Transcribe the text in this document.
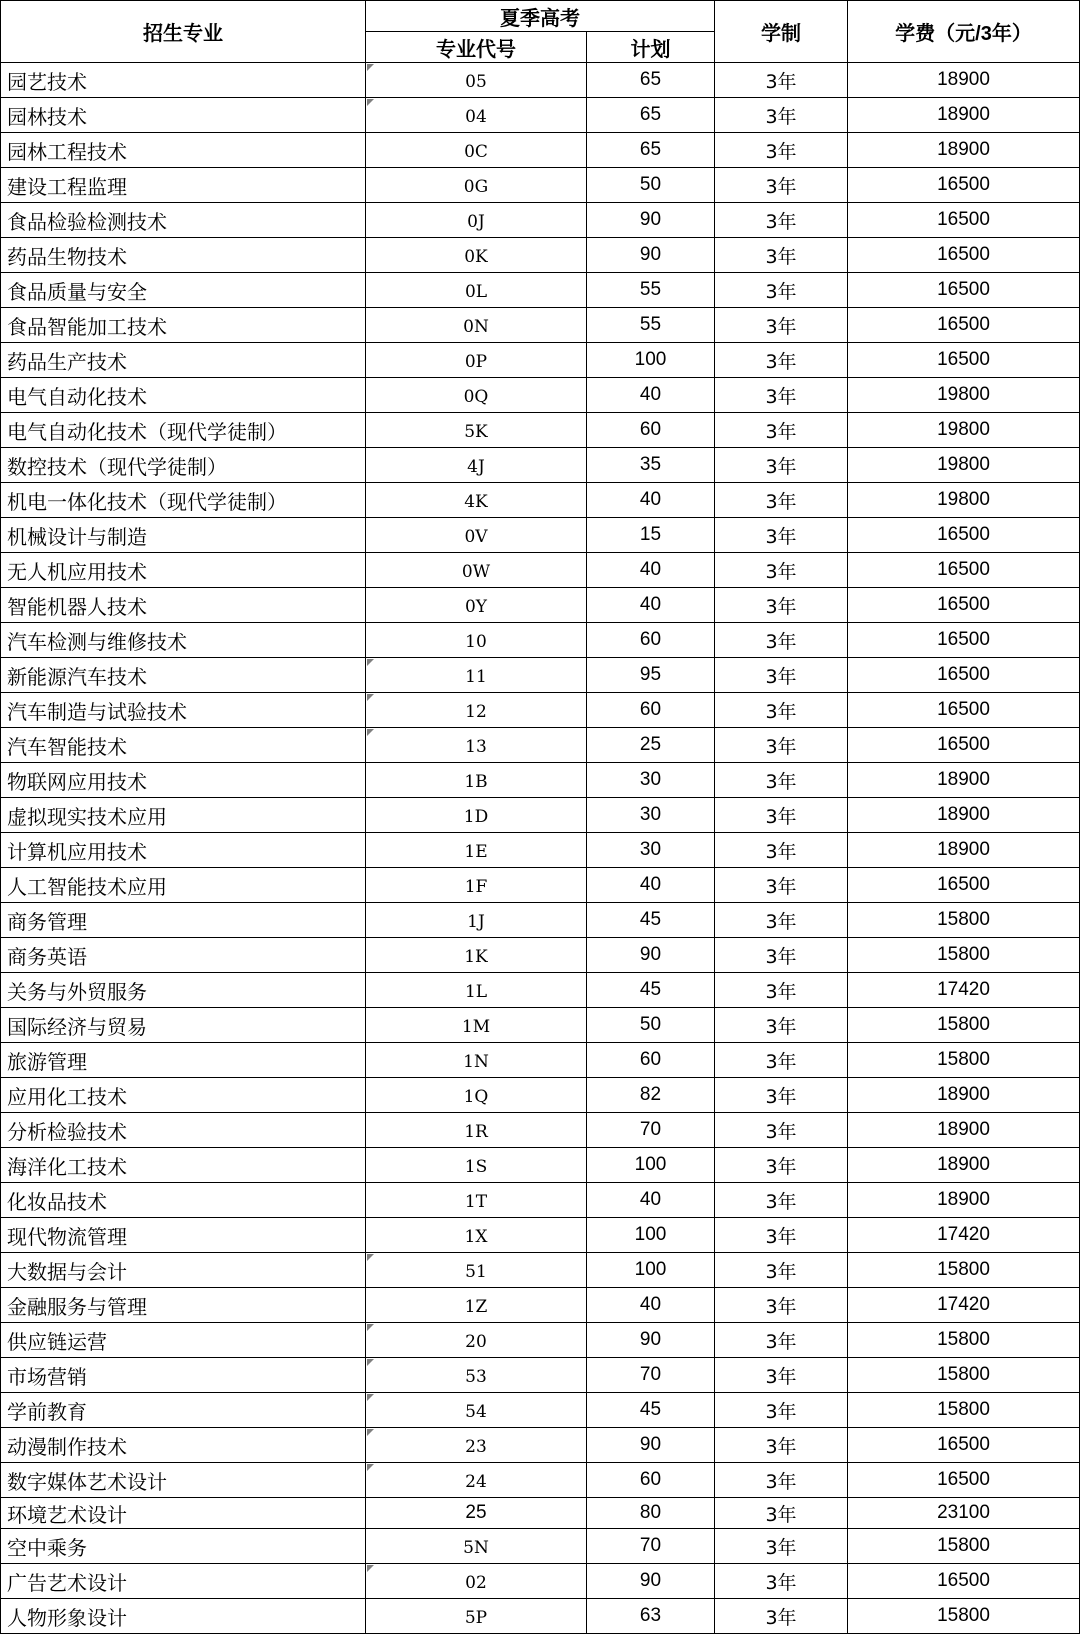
招生专业	夏季高考		学制	学费（元/3年）
	专业代号	计划		
园艺技术	05	65	3年	18900
园林技术	04	65	3年	18900
园林工程技术	0C	65	3年	18900
建设工程监理	0G	50	3年	16500
食品检验检测技术	0J	90	3年	16500
药品生物技术	0K	90	3年	16500
食品质量与安全	0L	55	3年	16500
食品智能加工技术	0N	55	3年	16500
药品生产技术	0P	100	3年	16500
电气自动化技术	0Q	40	3年	19800
电气自动化技术（现代学徒制）	5K	60	3年	19800
数控技术（现代学徒制）	4J	35	3年	19800
机电一体化技术（现代学徒制）	4K	40	3年	19800
机械设计与制造	0V	15	3年	16500
无人机应用技术	0W	40	3年	16500
智能机器人技术	0Y	40	3年	16500
汽车检测与维修技术	10	60	3年	16500
新能源汽车技术	11	95	3年	16500
汽车制造与试验技术	12	60	3年	16500
汽车智能技术	13	25	3年	16500
物联网应用技术	1B	30	3年	18900
虚拟现实技术应用	1D	30	3年	18900
计算机应用技术	1E	30	3年	18900
人工智能技术应用	1F	40	3年	16500
商务管理	1J	45	3年	15800
商务英语	1K	90	3年	15800
关务与外贸服务	1L	45	3年	17420
国际经济与贸易	1M	50	3年	15800
旅游管理	1N	60	3年	15800
应用化工技术	1Q	82	3年	18900
分析检验技术	1R	70	3年	18900
海洋化工技术	1S	100	3年	18900
化妆品技术	1T	40	3年	18900
现代物流管理	1X	100	3年	17420
大数据与会计	51	100	3年	15800
金融服务与管理	1Z	40	3年	17420
供应链运营	20	90	3年	15800
市场营销	53	70	3年	15800
学前教育	54	45	3年	15800
动漫制作技术	23	90	3年	16500
数字媒体艺术设计	24	60	3年	16500
环境艺术设计	25	80	3年	23100
空中乘务	5N	70	3年	15800
广告艺术设计	02	90	3年	16500
人物形象设计	5P	63	3年	15800
